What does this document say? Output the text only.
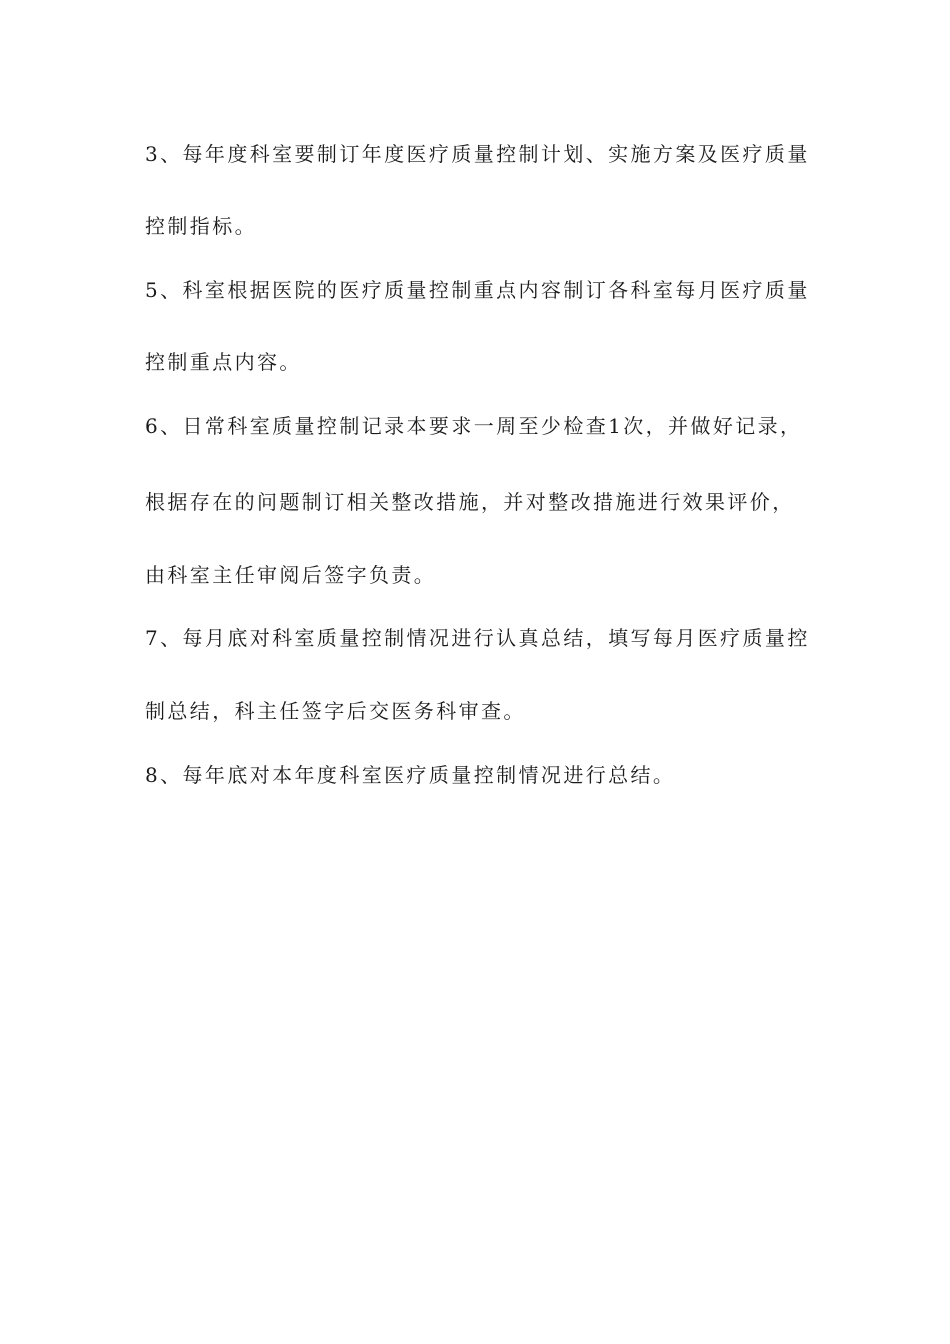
3、每年度科室要制订年度医疗质量控制计划、实施方案及医疗质量
控制指标。
5、科室根据医院的医疗质量控制重点内容制订各科室每月医疗质量
控制重点内容。
6、日常科室质量控制记录本要求一周至少检查1次，并做好记录，
根据存在的问题制订相关整改措施，并对整改措施进行效果评价，
由科室主任审阅后签字负责。
7、每月底对科室质量控制情况进行认真总结，填写每月医疗质量控
制总结，科主任签字后交医务科审查。
8、每年底对本年度科室医疗质量控制情况进行总结。
